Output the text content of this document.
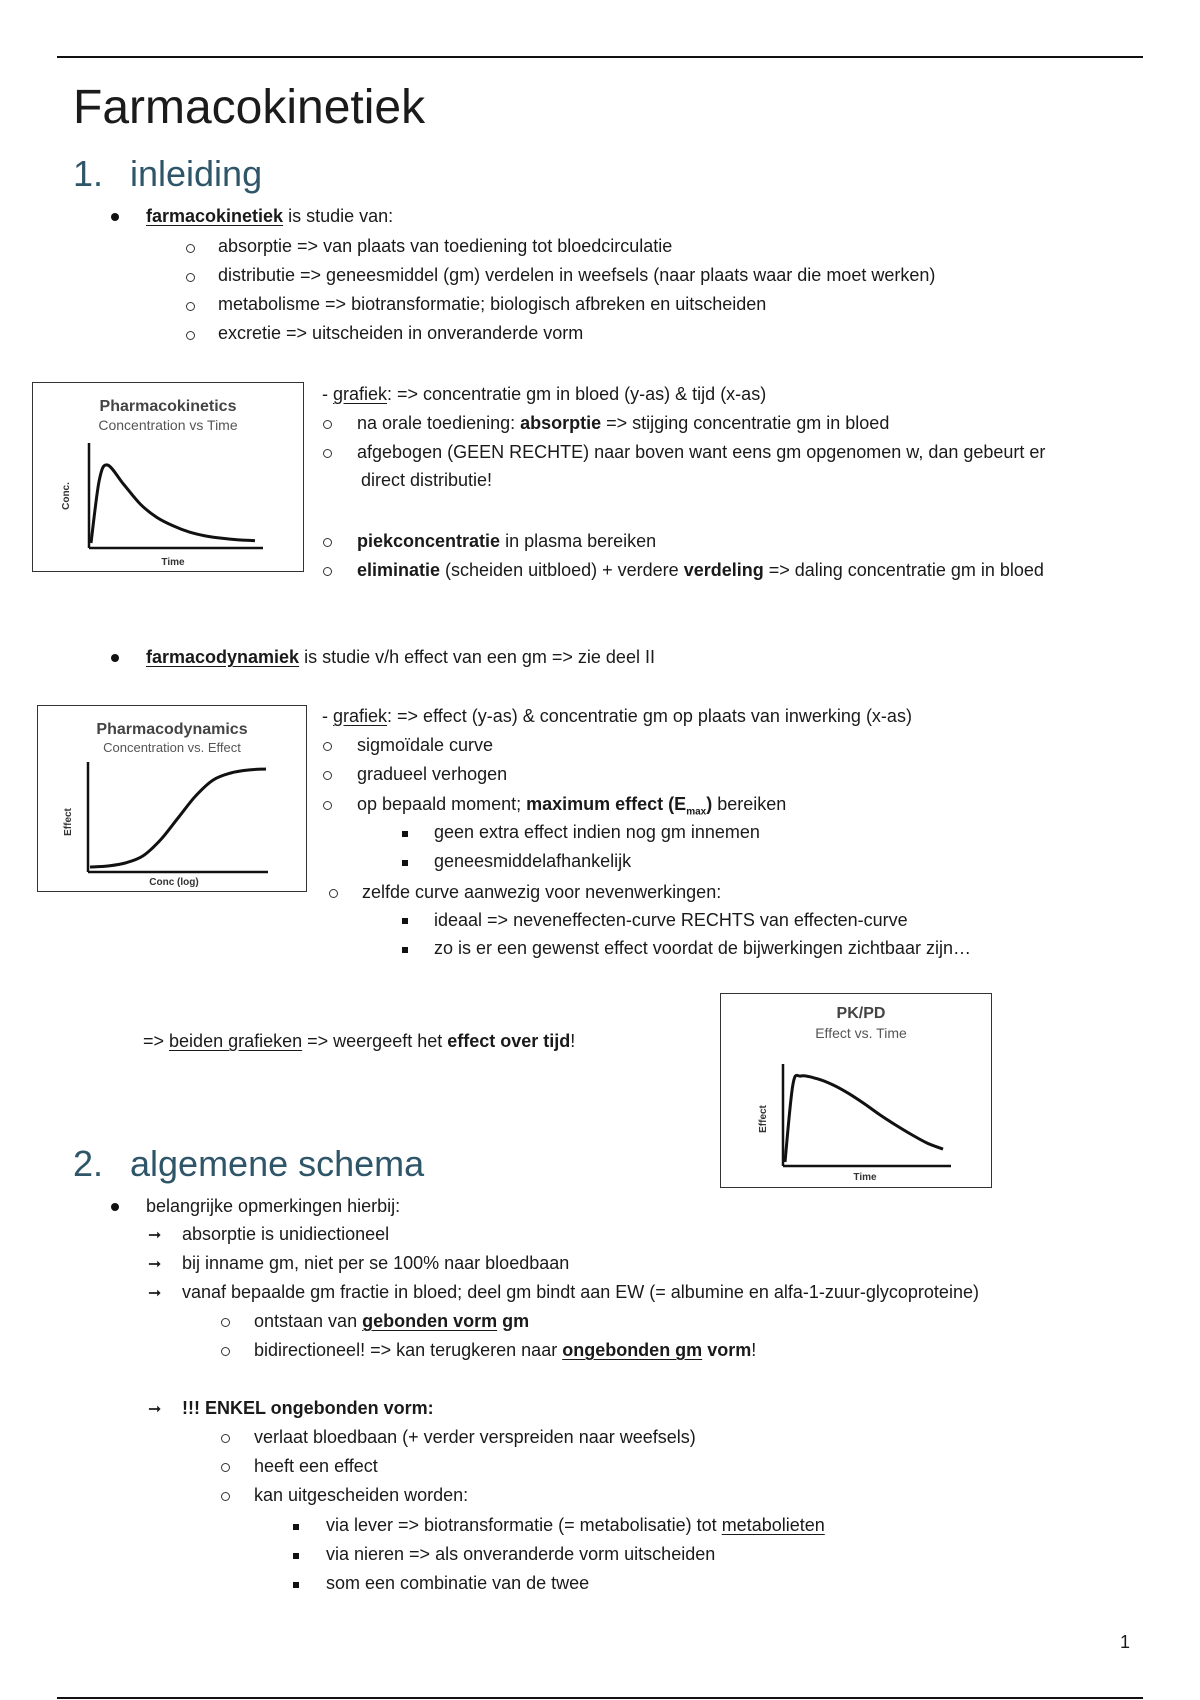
Farmacokinetiek
1. inleiding
farmacokinetiek is studie van:
absorptie => van plaats van toediening tot bloedcirculatie
distributie => geneesmiddel (gm) verdelen in weefsels (naar plaats waar die moet werken)
metabolisme => biotransformatie; biologisch afbreken en uitscheiden
excretie => uitscheiden in onveranderde vorm
Pharmacokinetics
Concentration vs Time
Time
Conc.
- grafiek: => concentratie gm in bloed (y-as) & tijd (x-as)
na orale toediening: absorptie => stijging concentratie gm in bloed
afgebogen (GEEN RECHTE) naar boven want eens gm opgenomen w, dan gebeurt er
direct distributie!
piekconcentratie in plasma bereiken
eliminatie (scheiden uitbloed) + verdere verdeling => daling concentratie gm in bloed
farmacodynamiek is studie v/h effect van een gm => zie deel II
Pharmacodynamics
Concentration vs. Effect
Conc (log)
Effect
- grafiek: => effect (y-as) & concentratie gm op plaats van inwerking (x-as)
sigmoïdale curve
gradueel verhogen
op bepaald moment; maximum effect $(E_{max})$ bereiken
geen extra effect indien nog gm innemen
geneesmiddelafhankelijk
zelfde curve aanwezig voor nevenwerkingen:
ideaal => neveneffecten-curve RECHTS van effecten-curve
zo is er een gewenst effect voordat de bijwerkingen zichtbaar zijn…
=> beiden grafieken => weergeeft het effect over tijd!
PK/PD
Effect vs. Time
Time
Effect
2. algemene schema
belangrijke opmerkingen hierbij:
➞ absorptie is unidiectioneel
➞ bij inname gm, niet per se 100% naar bloedbaan
➞ vanaf bepaalde gm fractie in bloed; deel gm bindt aan EW (= albumine en alfa-1-zuur-glycoproteine)
ontstaan van gebonden vorm gm
bidirectioneel! => kan terugkeren naar ongebonden gm vorm!
➞ !!! ENKEL ongebonden vorm:
verlaat bloedbaan (+ verder verspreiden naar weefsels)
heeft een effect
kan uitgescheiden worden:
via lever => biotransformatie (= metabolisatie) tot metabolieten
via nieren => als onveranderde vorm uitscheiden
som een combinatie van de twee
1
